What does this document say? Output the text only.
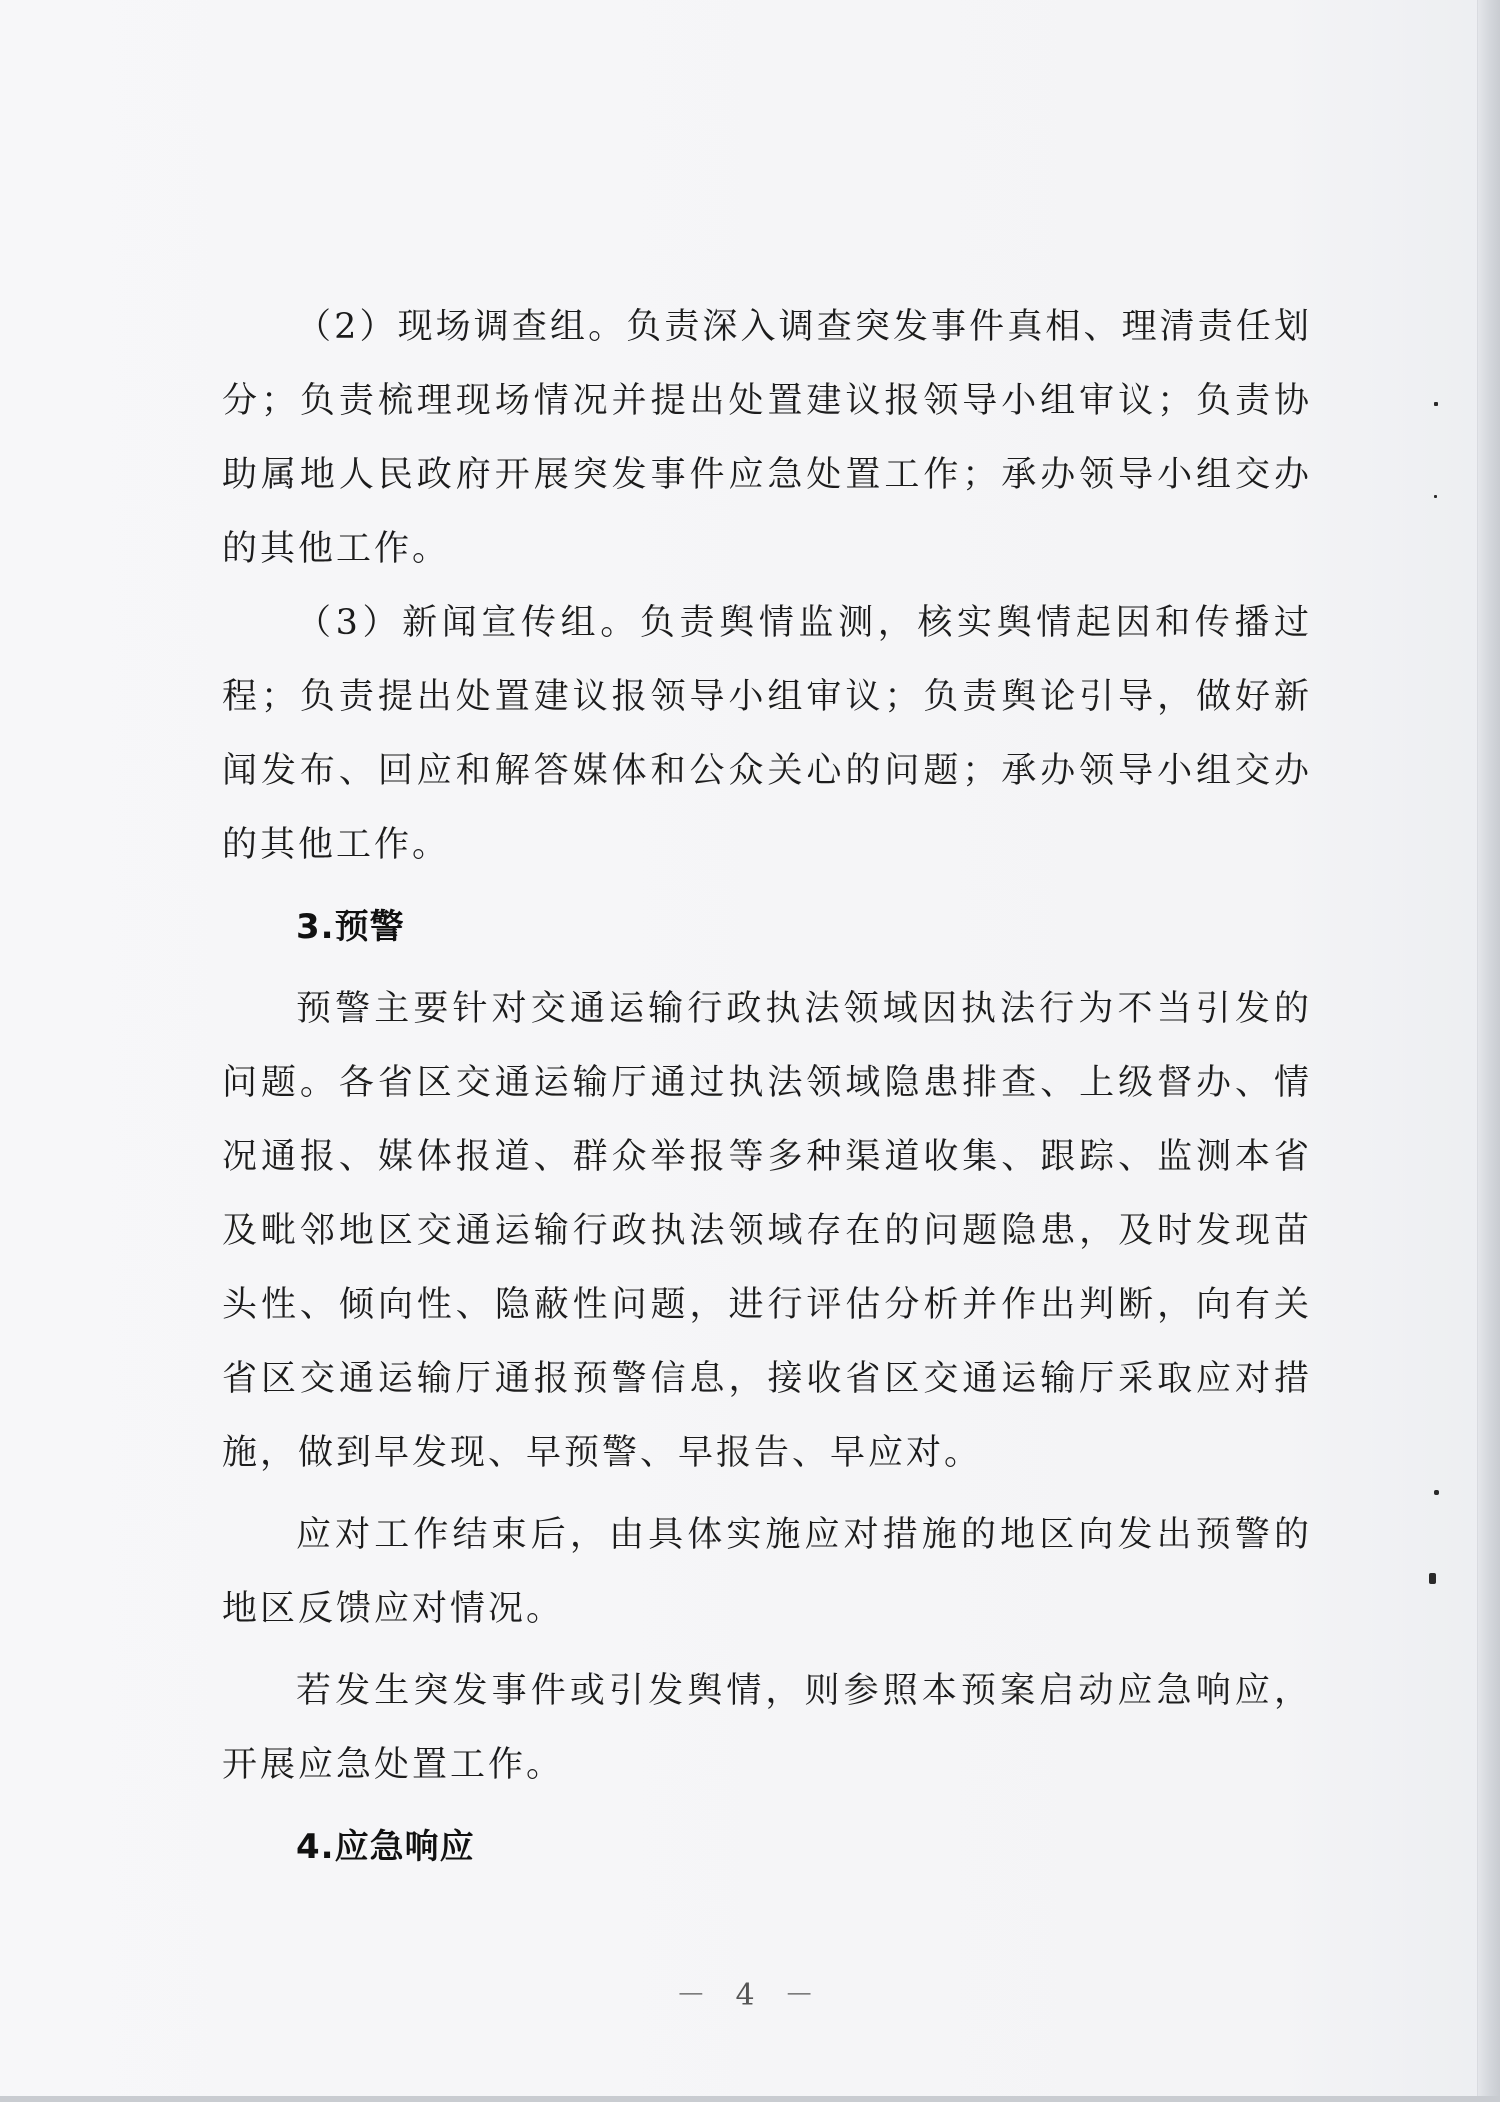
（2）现场调查组。负责深入调查突发事件真相、理清责任划分；负责梳理现场情况并提出处置建议报领导小组审议；负责协助属地人民政府开展突发事件应急处置工作；承办领导小组交办的其他工作。

（3）新闻宣传组。负责舆情监测，核实舆情起因和传播过程；负责提出处置建议报领导小组审议；负责舆论引导，做好新闻发布、回应和解答媒体和公众关心的问题；承办领导小组交办的其他工作。

3.预警

预警主要针对交通运输行政执法领域因执法行为不当引发的问题。各省区交通运输厅通过执法领域隐患排查、上级督办、情况通报、媒体报道、群众举报等多种渠道收集、跟踪、监测本省及毗邻地区交通运输行政执法领域存在的问题隐患，及时发现苗头性、倾向性、隐蔽性问题，进行评估分析并作出判断，向有关省区交通运输厅通报预警信息，接收省区交通运输厅采取应对措施，做到早发现、早预警、早报告、早应对。

应对工作结束后，由具体实施应对措施的地区向发出预警的地区反馈应对情况。

若发生突发事件或引发舆情，则参照本预案启动应急响应，开展应急处置工作。

4.应急响应
－ 4 －
